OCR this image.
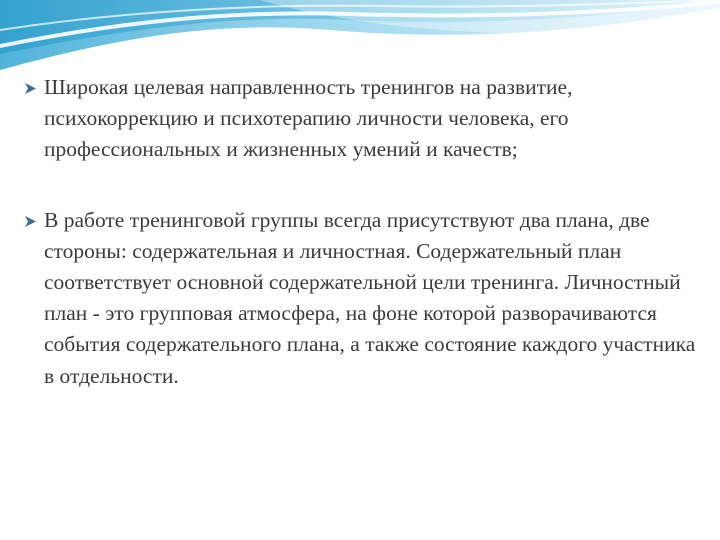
Широкая целевая направленность тренингов на развитие, психокоррекцию и психотерапию личности человека, его профессиональных и жизненных умений и качеств;

В работе тренинговой группы всегда присутствуют два плана, две стороны: содержательная и личностная. Содержательный план соответствует основной содержательной цели тренинга. Личностный план - это групповая атмосфера, на фоне которой разворачиваются события содержательного плана, а также состояние каждого участника в отдельности.
